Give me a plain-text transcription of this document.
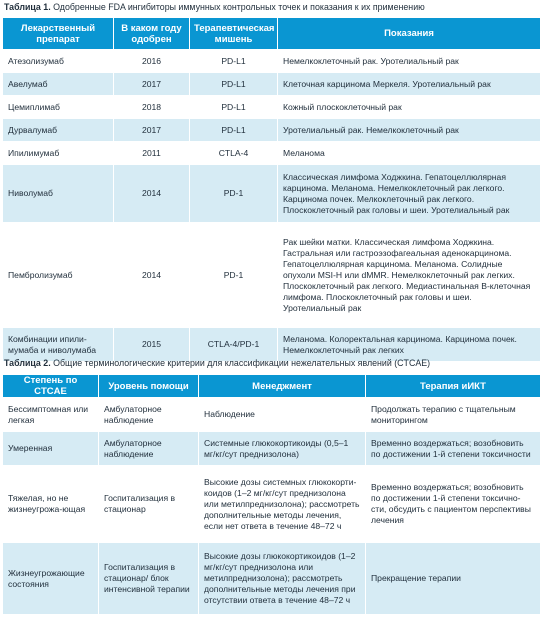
Таблица 1. Одобренные FDA ингибиторы иммунных контрольных точек и показания к их применению
Лекарственный препарат	В каком году одобрен	Терапевтическая мишень	Показания
Атезолизумаб	2016	PD-L1	Немелкоклеточный рак. Уротелиальный рак
Авелумаб	2017	PD-L1	Клеточная карцинома Меркеля. Уротелиальный рак
Цемиплимаб	2018	PD-L1	Кожный плоскоклеточный рак
Дурвалумаб	2017	PD-L1	Уротелиальный рак. Немелкоклеточный рак
Ипилимумаб	2011	CTLA-4	Меланома
Ниволумаб	2014	PD-1	Классическая лимфома Ходжкина. Гепатоцеллюлярная карцинома. Меланома. Немелкоклеточный рак легкого. Карцинома почек. Мелкоклеточный рак легкого. Плоскоклеточный рак головы и шеи. Уротелиальный рак
Пембролизумаб	2014	PD-1	Рак шейки матки. Классическая лимфома Ходжкина. Гастральная или гастроэзофагеальная аденокарцинома. Гепатоцеллюлярная карцинома. Меланома. Солидные опухоли MSI-H или dMMR. Немелкоклеточный рак легких. Плоскоклеточный рак легкого. Медиастинальная B-клеточная лимфома. Плоскоклеточный рак головы и шеи. Уротелиальный рак
Комбинации ипили-мумаба и ниволумаба	2015	CTLA-4/PD-1	Меланома. Колоректальная карцинома. Карцинома почек. Немелкоклеточный рак легких
Таблица 2. Общие терминологические критерии для классификации нежелательных явлений (CTCAE)
Степень по CTCAE	Уровень помощи	Менеджмент	Терапия иИКТ
Бессимптомная или легкая	Амбулаторное наблюдение	Наблюдение	Продолжать терапию с тщательным мониторингом
Умеренная	Амбулаторное наблюдение	Системные глюкокортикоиды (0,5–1 мг/кг/сут преднизолона)	Временно воздержаться; возобновить по достижении 1-й степени токсичности
Тяжелая, но не жизнеугрожа-ющая	Госпитализация в стационар	Высокие дозы системных глюкокорти-коидов (1–2 мг/кг/сут преднизолона или метилпреднизолона); рассмотреть дополнительные методы лечения, если нет ответа в течение 48–72 ч	Временно воздержаться; возобновить по достижении 1-й степени токсично-сти, обсудить с пациентом перспективы лечения
Жизнеугрожающие состояния	Госпитализация в стационар/ блок интенсивной терапии	Высокие дозы глюкокортикоидов (1–2 мг/кг/сут преднизолона или метилпреднизолона); рассмотреть дополнительные методы лечения при отсутствии ответа в течение 48–72 ч	Прекращение терапии
